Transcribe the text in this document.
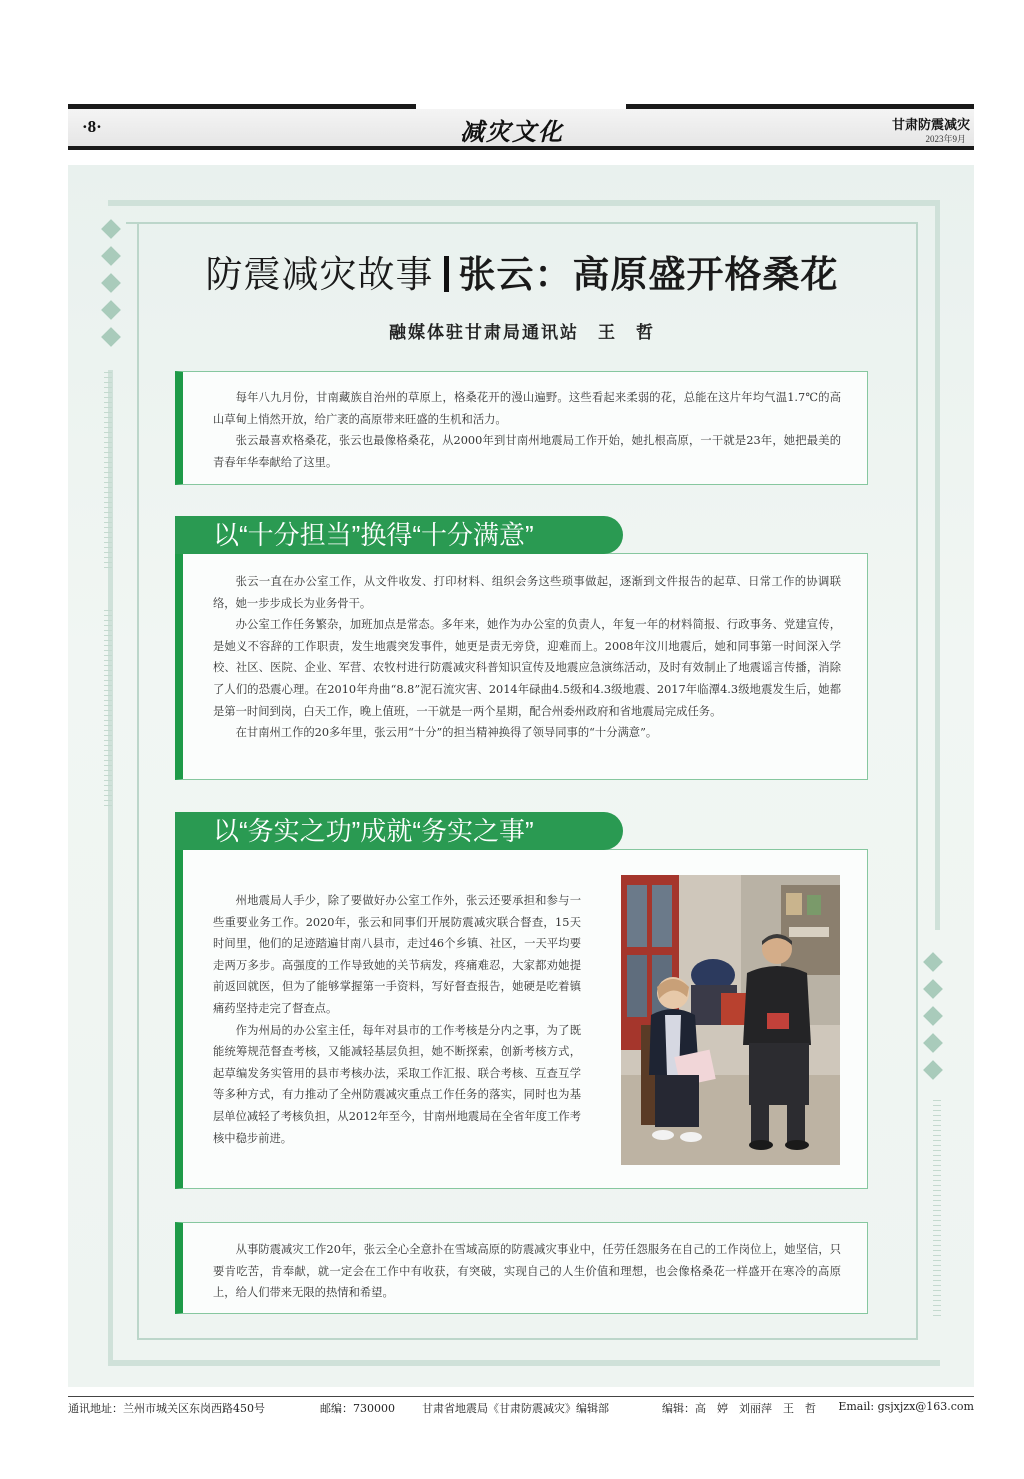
·8·	减灾文化	甘肃防震减灾
2023年9月
防震减灾故事 张云：高原盛开格桑花
融媒体驻甘肃局通讯站　王　哲

每年八九月份，甘南藏族自治州的草原上，格桑花开的漫山遍野。这些看起来柔弱的花，总能在这片年均气温1.7℃的高山草甸上悄然开放，给广袤的高原带来旺盛的生机和活力。

张云最喜欢格桑花，张云也最像格桑花，从2000年到甘南州地震局工作开始，她扎根高原，一干就是23年，她把最美的青春年华奉献给了这里。

张云一直在办公室工作，从文件收发、打印材料、组织会务这些琐事做起，逐渐到文件报告的起草、日常工作的协调联络，她一步步成长为业务骨干。

办公室工作任务繁杂，加班加点是常态。多年来，她作为办公室的负责人，年复一年的材料简报、行政事务、党建宣传，是她义不容辞的工作职责，发生地震突发事件，她更是责无旁贷，迎难而上。2008年汶川地震后，她和同事第一时间深入学校、社区、医院、企业、军营、农牧村进行防震减灾科普知识宣传及地震应急演练活动，及时有效制止了地震谣言传播，消除了人们的恐震心理。在2010年舟曲“8.8”泥石流灾害、2014年碌曲4.5级和4.3级地震、2017年临潭4.3级地震发生后，她都是第一时间到岗，白天工作，晚上值班，一干就是一两个星期，配合州委州政府和省地震局完成任务。

在甘南州工作的20多年里，张云用“十分”的担当精神换得了领导同事的“十分满意”。

以“十分担当”换得“十分满意”

州地震局人手少，除了要做好办公室工作外，张云还要承担和参与一些重要业务工作。2020年，张云和同事们开展防震减灾联合督查，15天时间里，他们的足迹踏遍甘南八县市，走过46个乡镇、社区，一天平均要走两万多步。高强度的工作导致她的关节病发，疼痛难忍，大家都劝她提前返回就医，但为了能够掌握第一手资料，写好督查报告，她硬是吃着镇痛药坚持走完了督查点。

作为州局的办公室主任，每年对县市的工作考核是分内之事，为了既能统筹规范督查考核，又能减轻基层负担，她不断探索，创新考核方式，起草编发务实管用的县市考核办法，采取工作汇报、联合考核、互查互学等多种方式，有力推动了全州防震减灾重点工作任务的落实，同时也为基层单位减轻了考核负担，从2012年至今，甘南州地震局在全省年度工作考核中稳步前进。

以“务实之功”成就“务实之事”

从事防震减灾工作20年，张云全心全意扑在雪域高原的防震减灾事业中，任劳任怨服务在自己的工作岗位上，她坚信，只要肯吃苦，肯奉献，就一定会在工作中有收获，有突破，实现自己的人生价值和理想，也会像格桑花一样盛开在寒冷的高原上，给人们带来无限的热情和希望。

通讯地址：兰州市城关区东岗西路450号	邮编：730000 甘肃省地震局《甘肃防震减灾》编辑部	编辑：高　婷　刘丽萍　王　哲 Email: gsjxjzx@163.com
